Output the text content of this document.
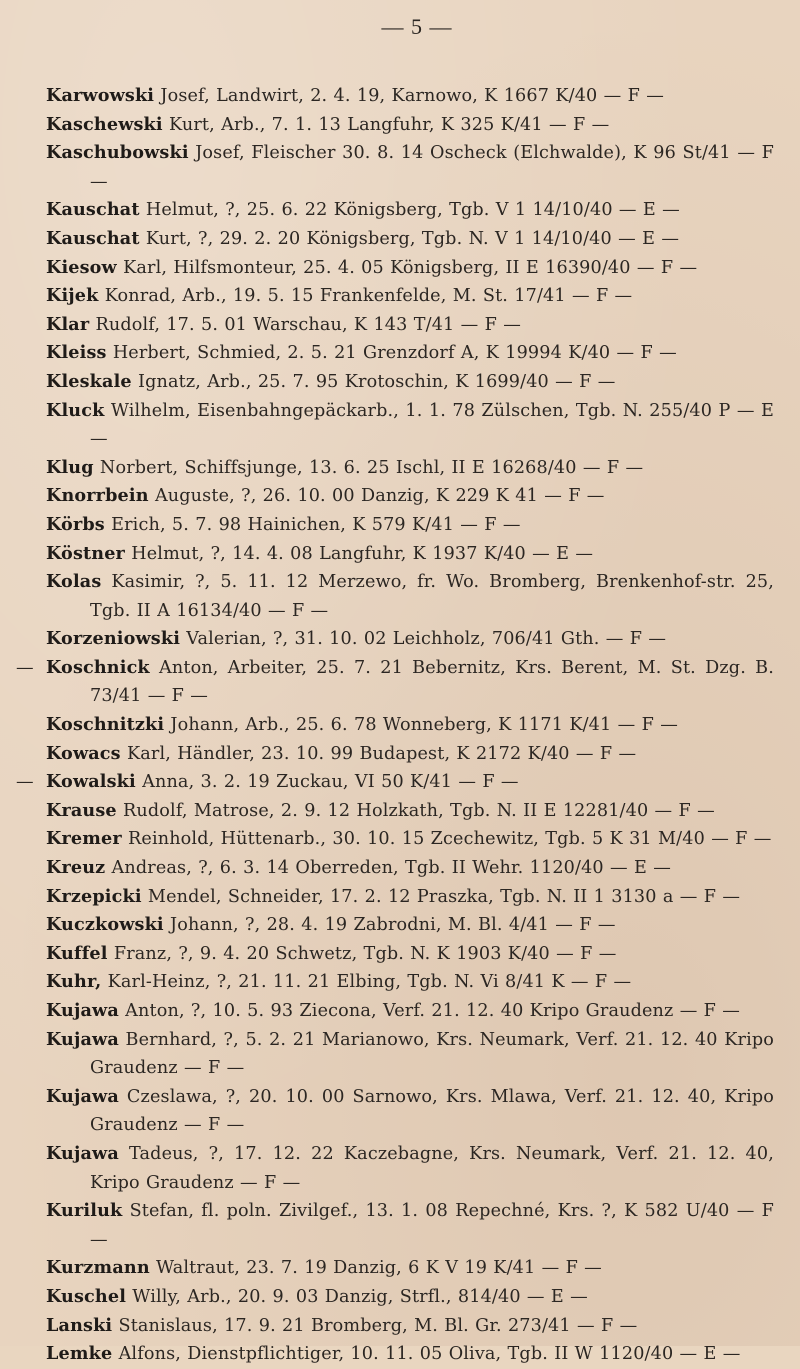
— 5 —
Karwowski Josef, Landwirt, 2. 4. 19, Karnowo, K 1667 K/40 — F —
Kaschewski Kurt, Arb., 7. 1. 13 Langfuhr, K 325 K/41 — F —
Kaschubowski Josef, Fleischer 30. 8. 14 Oscheck (Elchwalde), K 96 St/41 — F —
Kauschat Helmut, ?, 25. 6. 22 Königsberg, Tgb. V 1 14/10/40 — E —
Kauschat Kurt, ?, 29. 2. 20 Königsberg, Tgb. N. V 1 14/10/40 — E —
Kiesow Karl, Hilfsmonteur, 25. 4. 05 Königsberg, II E 16390/40 — F —
Kijek Konrad, Arb., 19. 5. 15 Frankenfelde, M. St. 17/41 — F —
Klar Rudolf, 17. 5. 01 Warschau, K 143 T/41 — F —
Kleiss Herbert, Schmied, 2. 5. 21 Grenzdorf A, K 19994 K/40 — F —
Kleskale Ignatz, Arb., 25. 7. 95 Krotoschin, K 1699/40 — F —
Kluck Wilhelm, Eisenbahngepäckarb., 1. 1. 78 Zülschen, Tgb. N. 255/40 P — E —
Klug Norbert, Schiffsjunge, 13. 6. 25 Ischl, II E 16268/40 — F —
Knorrbein Auguste, ?, 26. 10. 00 Danzig, K 229 K 41 — F —
Körbs Erich, 5. 7. 98 Hainichen, K 579 K/41 — F —
Köstner Helmut, ?, 14. 4. 08 Langfuhr, K 1937 K/40 — E —
Kolas Kasimir, ?, 5. 11. 12 Merzewo, fr. Wo. Bromberg, Brenkenhof-str. 25, Tgb. II A 16134/40 — F —
Korzeniowski Valerian, ?, 31. 10. 02 Leichholz, 706/41 Gth. — F —
— Koschnick Anton, Arbeiter, 25. 7. 21 Bebernitz, Krs. Berent, M. St. Dzg. B. 73/41 — F —
Koschnitzki Johann, Arb., 25. 6. 78 Wonneberg, K 1171 K/41 — F —
Kowacs Karl, Händler, 23. 10. 99 Budapest, K 2172 K/40 — F —
— Kowalski Anna, 3. 2. 19 Zuckau, VI 50 K/41 — F —
Krause Rudolf, Matrose, 2. 9. 12 Holzkath, Tgb. N. II E 12281/40 — F —
Kremer Reinhold, Hüttenarb., 30. 10. 15 Zcechewitz, Tgb. 5 K 31 M/40 — F —
Kreuz Andreas, ?, 6. 3. 14 Oberreden, Tgb. II Wehr. 1120/40 — E —
Krzepicki Mendel, Schneider, 17. 2. 12 Praszka, Tgb. N. II 1 3130 a — F —
Kuczkowski Johann, ?, 28. 4. 19 Zabrodni, M. Bl. 4/41 — F —
Kuffel Franz, ?, 9. 4. 20 Schwetz, Tgb. N. K 1903 K/40 — F —
Kuhr, Karl-Heinz, ?, 21. 11. 21 Elbing, Tgb. N. Vi 8/41 K — F —
Kujawa Anton, ?, 10. 5. 93 Ziecona, Verf. 21. 12. 40 Kripo Graudenz — F —
Kujawa Bernhard, ?, 5. 2. 21 Marianowo, Krs. Neumark, Verf. 21. 12. 40 Kripo Graudenz — F —
Kujawa Czeslawa, ?, 20. 10. 00 Sarnowo, Krs. Mlawa, Verf. 21. 12. 40, Kripo Graudenz — F —
Kujawa Tadeus, ?, 17. 12. 22 Kaczebagne, Krs. Neumark, Verf. 21. 12. 40, Kripo Graudenz — F —
Kuriluk Stefan, fl. poln. Zivilgef., 13. 1. 08 Repechné, Krs. ?, K 582 U/40 — F —
Kurzmann Waltraut, 23. 7. 19 Danzig, 6 K V 19 K/41 — F —
Kuschel Willy, Arb., 20. 9. 03 Danzig, Strfl., 814/40 — E —
Lanski Stanislaus, 17. 9. 21 Bromberg, M. Bl. Gr. 273/41 — F —
Lemke Alfons, Dienstpflichtiger, 10. 11. 05 Oliva, Tgb. II W 1120/40 — E —
